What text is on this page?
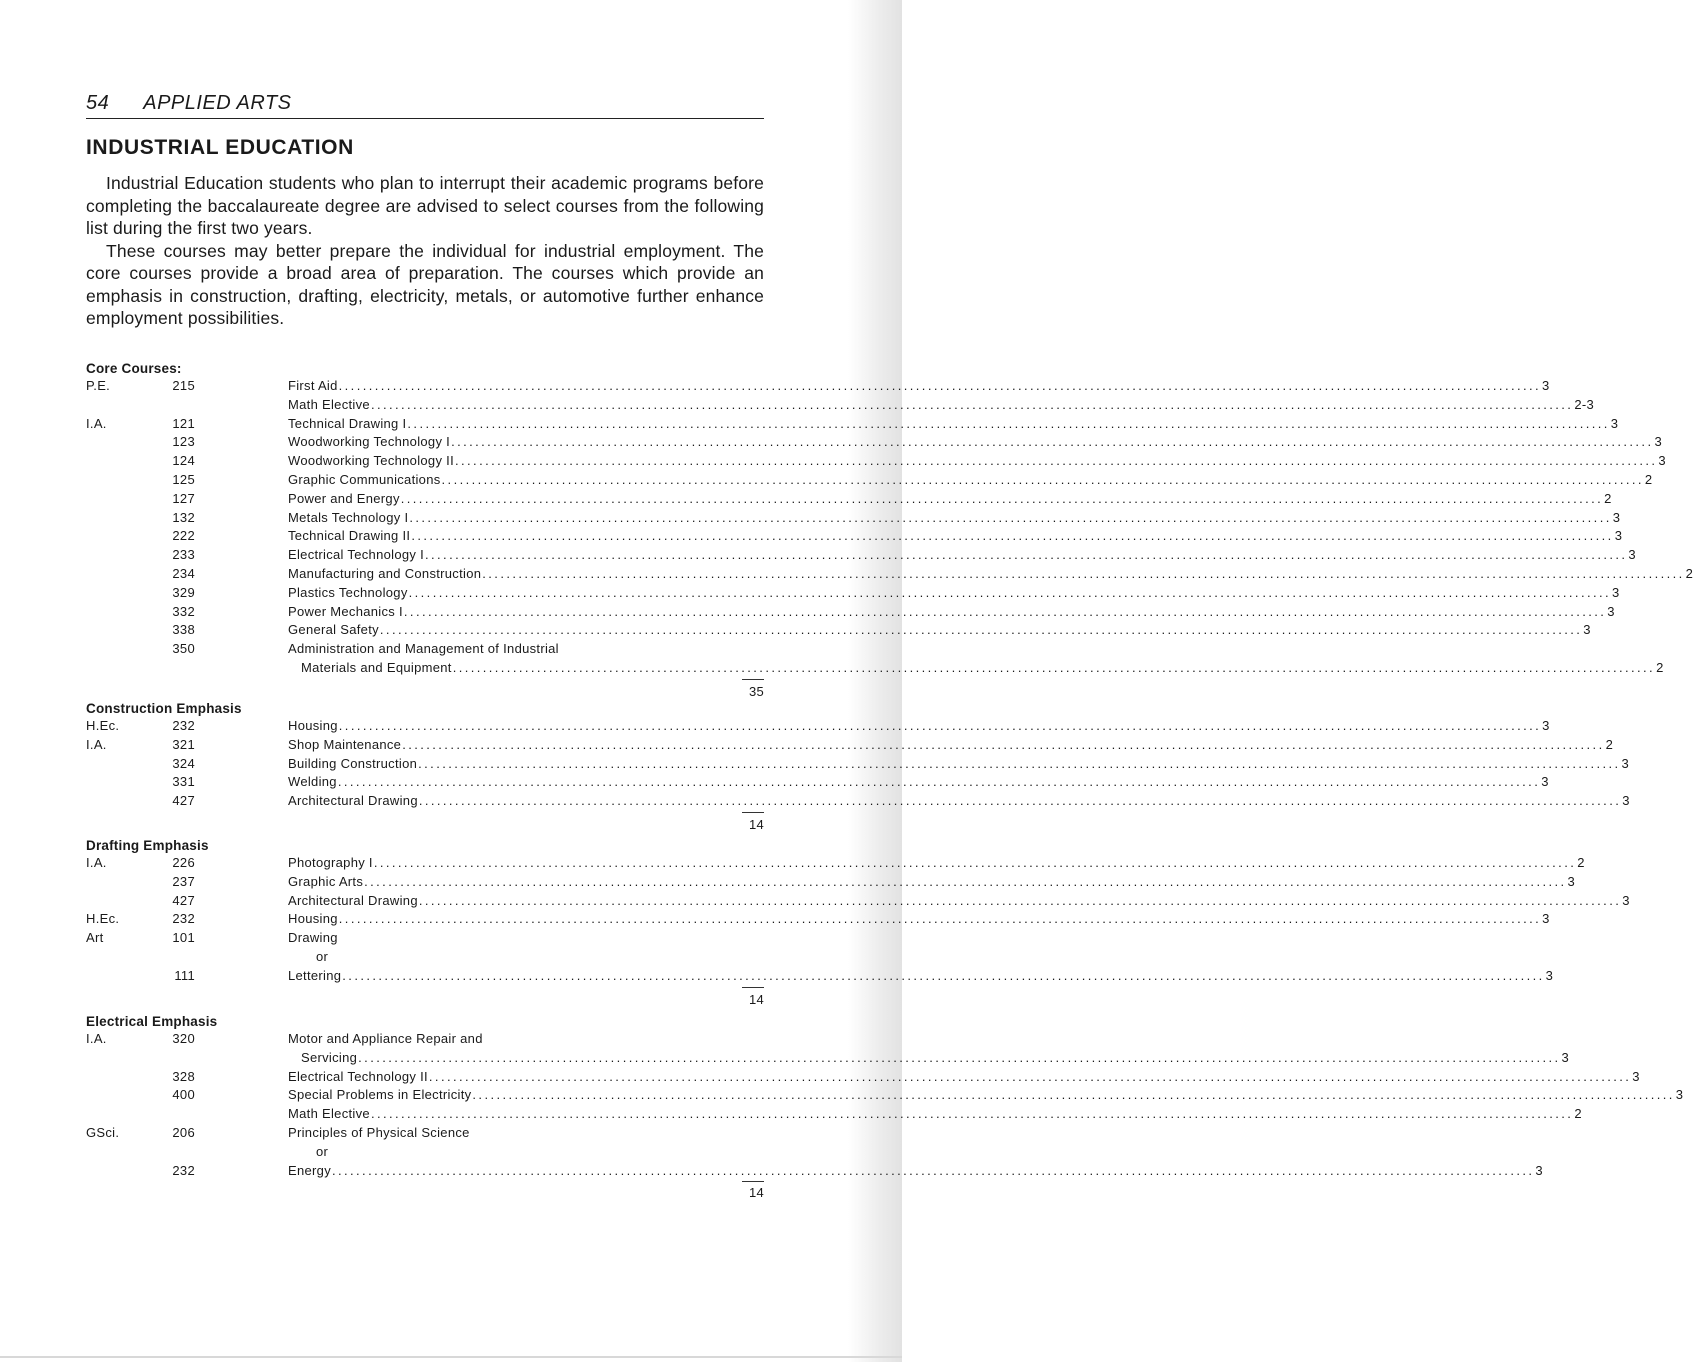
54 APPLIED ARTS
INDUSTRIAL EDUCATION

Industrial Education students who plan to interrupt their academic programs before completing the baccalaureate degree are advised to select courses from the following list during the first two years.

These courses may better prepare the individual for industrial employment. The core courses provide a broad area of preparation. The courses which provide an emphasis in construction, drafting, electricity, metals, or automotive further enhance employment possibilities.

Core Courses:
P.E.	215	First Aid ........................................................................................................................................................................................................ 3
Math Elective ........................................................................................................................................................................................................ 2-3
I.A.	121	Technical Drawing I ........................................................................................................................................................................................................ 3
123	Woodworking Technology I ........................................................................................................................................................................................................ 3
124	Woodworking Technology II ........................................................................................................................................................................................................ 3
125	Graphic Communications ........................................................................................................................................................................................................ 2
127	Power and Energy ........................................................................................................................................................................................................ 2
132	Metals Technology I ........................................................................................................................................................................................................ 3
222	Technical Drawing II ........................................................................................................................................................................................................ 3
233	Electrical Technology I ........................................................................................................................................................................................................ 3
234	Manufacturing and Construction ........................................................................................................................................................................................................ 2
329	Plastics Technology ........................................................................................................................................................................................................ 3
332	Power Mechanics I ........................................................................................................................................................................................................ 3
338	General Safety ........................................................................................................................................................................................................ 3
350	Administration and Management of Industrial
Materials and Equipment ........................................................................................................................................................................................................ 2
35
Construction Emphasis
H.Ec.	232	Housing ........................................................................................................................................................................................................ 3
I.A.	321	Shop Maintenance ........................................................................................................................................................................................................ 2
324	Building Construction ........................................................................................................................................................................................................ 3
331	Welding ........................................................................................................................................................................................................ 3
427	Architectural Drawing ........................................................................................................................................................................................................ 3
14
Drafting Emphasis
I.A.	226	Photography I ........................................................................................................................................................................................................ 2
237	Graphic Arts ........................................................................................................................................................................................................ 3
427	Architectural Drawing ........................................................................................................................................................................................................ 3
H.Ec.	232	Housing ........................................................................................................................................................................................................ 3
Art	101	Drawing
or
111	Lettering ........................................................................................................................................................................................................ 3
14
Electrical Emphasis
I.A.	320	Motor and Appliance Repair and
Servicing ........................................................................................................................................................................................................ 3
328	Electrical Technology II ........................................................................................................................................................................................................ 3
400	Special Problems in Electricity ........................................................................................................................................................................................................ 3
Math Elective ........................................................................................................................................................................................................ 2
GSci.	206	Principles of Physical Science
or
232	Energy ........................................................................................................................................................................................................ 3
14
